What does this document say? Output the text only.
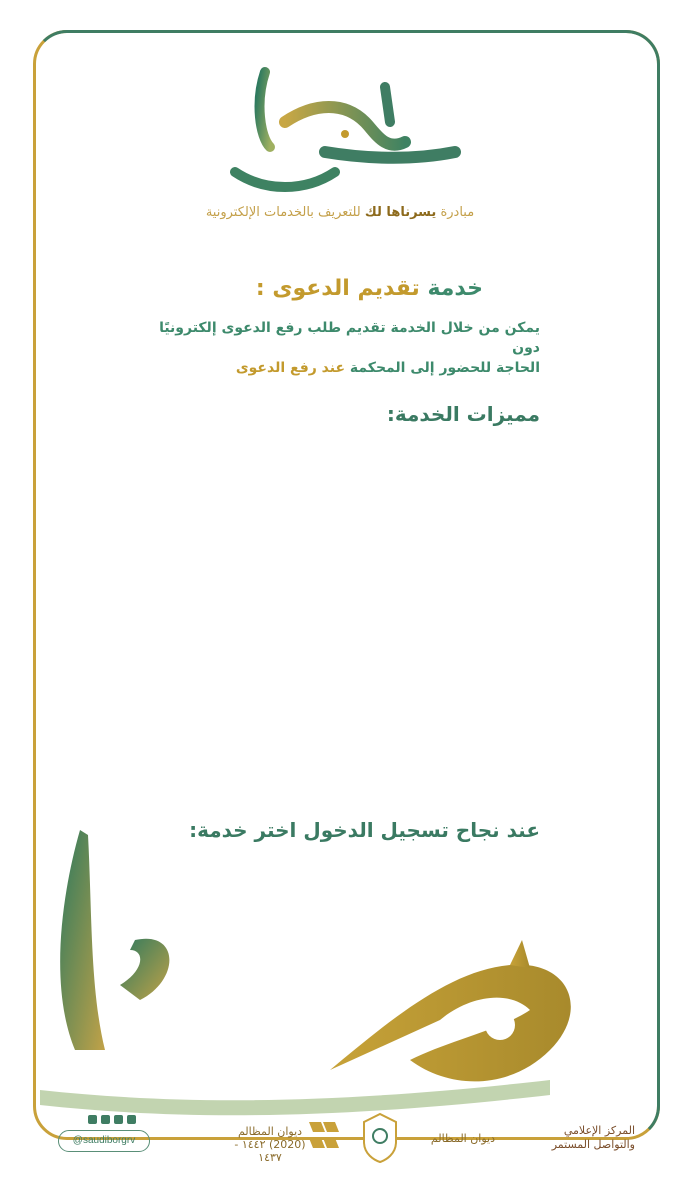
مبادرة يسرناها لك للتعريف بالخدمات الإلكترونية
خدمة تقديم الدعوى :
يمكن من خلال الخدمة تقديم طلب رفع الدعوى إلكترونيًا دون
الحاجة للحضور إلى المحكمة عند رفع الدعوى
مميزات الخدمة:
عند نجاح تسجيل الدخول اختر خدمة:
@saudiborgrv
ديوان المظالم
(2020) ١٤٤٢ - ١٤٣٧
ديوان المظالم
المركز الإعلامي
والتواصل المستمر
